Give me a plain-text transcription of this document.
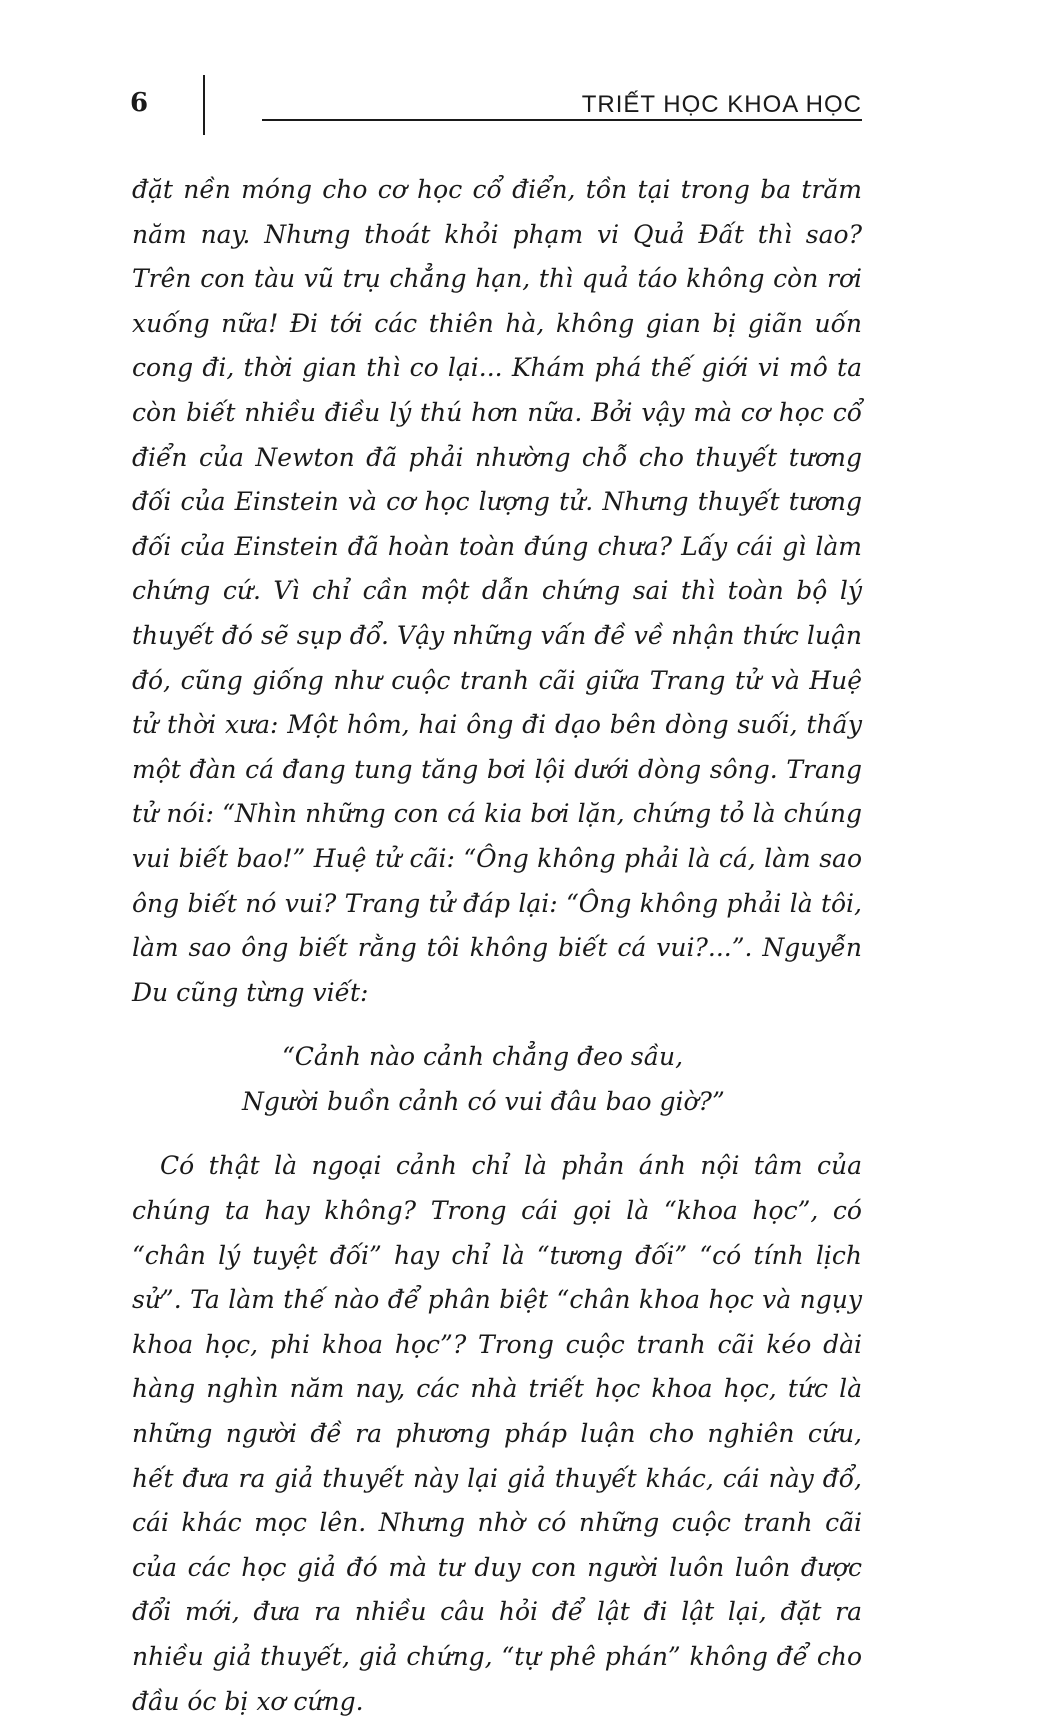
6	TRIẾT HỌC KHOA HỌC

đặt nền móng cho cơ học cổ điển, tồn tại trong ba trăm năm nay. Nhưng thoát khỏi phạm vi Quả Đất thì sao? Trên con tàu vũ trụ chẳng hạn, thì quả táo không còn rơi xuống nữa! Đi tới các thiên hà, không gian bị giãn uốn cong đi, thời gian thì co lại... Khám phá thế giới vi mô ta còn biết nhiều điều lý thú hơn nữa. Bởi vậy mà cơ học cổ điển của Newton đã phải nhường chỗ cho thuyết tương đối của Einstein và cơ học lượng tử. Nhưng thuyết tương đối của Einstein đã hoàn toàn đúng chưa? Lấy cái gì làm chứng cứ. Vì chỉ cần một dẫn chứng sai thì toàn bộ lý thuyết đó sẽ sụp đổ. Vậy những vấn đề về nhận thức luận đó, cũng giống như cuộc tranh cãi giữa Trang tử và Huệ tử thời xưa: Một hôm, hai ông đi dạo bên dòng suối, thấy một đàn cá đang tung tăng bơi lội dưới dòng sông. Trang tử nói: “Nhìn những con cá kia bơi lặn, chứng tỏ là chúng vui biết bao!” Huệ tử cãi: “Ông không phải là cá, làm sao ông biết nó vui? Trang tử đáp lại: “Ông không phải là tôi, làm sao ông biết rằng tôi không biết cá vui?...”. Nguyễn Du cũng từng viết:

“Cảnh nào cảnh chẳng đeo sầu,
Người buồn cảnh có vui đâu bao giờ?”

Có thật là ngoại cảnh chỉ là phản ánh nội tâm của chúng ta hay không? Trong cái gọi là “khoa học”, có “chân lý tuyệt đối” hay chỉ là “tương đối” “có tính lịch sử”. Ta làm thế nào để phân biệt “chân khoa học và ngụy khoa học, phi khoa học”? Trong cuộc tranh cãi kéo dài hàng nghìn năm nay, các nhà triết học khoa học, tức là những người đề ra phương pháp luận cho nghiên cứu, hết đưa ra giả thuyết này lại giả thuyết khác, cái này đổ, cái khác mọc lên. Nhưng nhờ có những cuộc tranh cãi của các học giả đó mà tư duy con người luôn luôn được đổi mới, đưa ra nhiều câu hỏi để lật đi lật lại, đặt ra nhiều giả thuyết, giả chứng, “tự phê phán” không để cho đầu óc bị xơ cứng.
